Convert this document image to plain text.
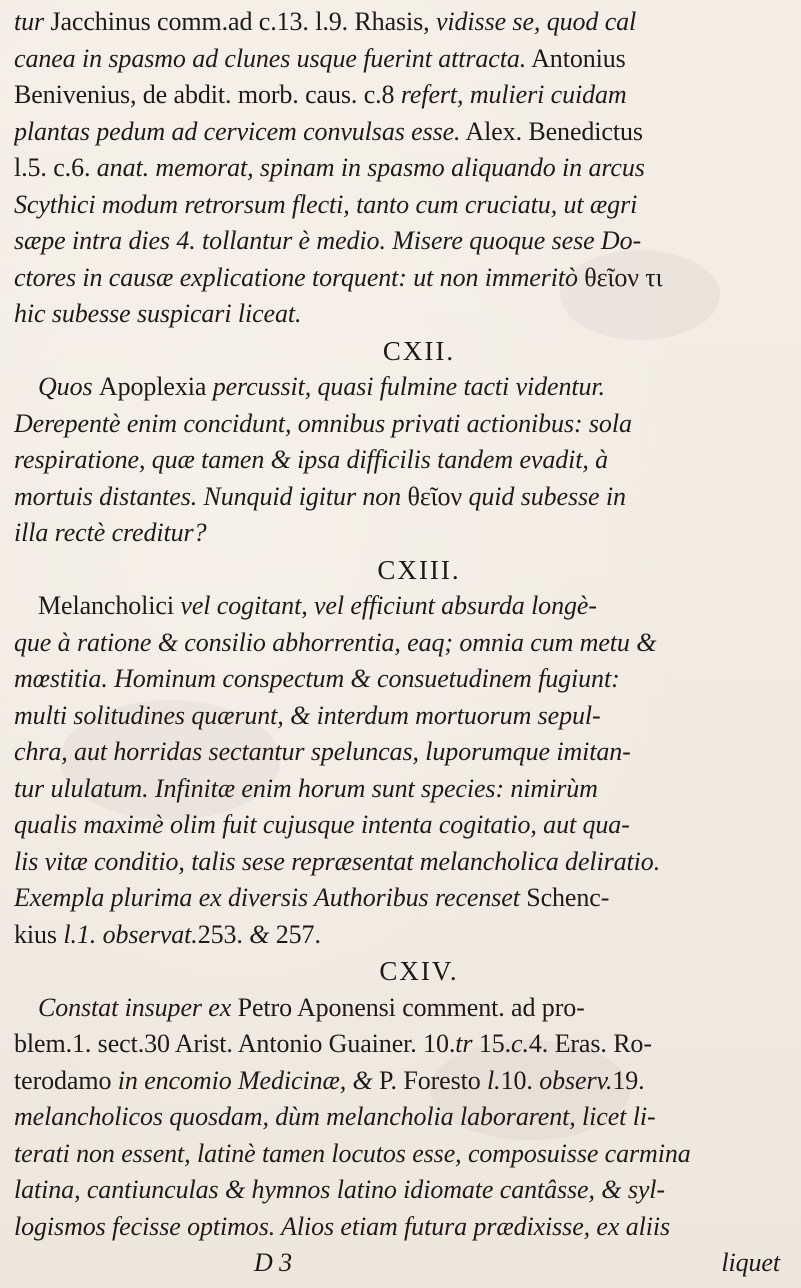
tur Jacchinus comm.ad c.13. l.9. Rhasis, vidisse se, quod cal
canea in spasmo ad clunes usque fuerint attracta. Antonius
Benivenius, de abdit. morb. caus. c.8 refert, mulieri cuidam
plantas pedum ad cervicem convulsas esse. Alex. Benedictus
l.5. c.6. anat. memorat, spinam in spasmo aliquando in arcus
Scythici modum retrorsum flecti, tanto cum cruciatu, ut ægri
sæpe intra dies 4. tollantur è medio. Misere quoque sese Do-
ctores in causæ explicatione torquent: ut non immeritò θεῖον τι
hic subesse suspicari liceat.
CXII.
Quos Apoplexia percussit, quasi fulmine tacti videntur.
Derepentè enim concidunt, omnibus privati actionibus: sola
respiratione, quæ tamen & ipsa difficilis tandem evadit, à
mortuis distantes. Nunquid igitur non θεῖον quid subesse in
illa rectè creditur?
CXIII.
Melancholici vel cogitant, vel efficiunt absurda longè-
que à ratione & consilio abhorrentia, eaq; omnia cum metu &
mœstitia. Hominum conspectum & consuetudinem fugiunt:
multi solitudines quærunt, & interdum mortuorum sepul-
chra, aut horridas sectantur speluncas, luporumque imitan-
tur ululatum. Infinitæ enim horum sunt species: nimirùm
qualis maximè olim fuit cujusque intenta cogitatio, aut qua-
lis vitæ conditio, talis sese repræsentat melancholica deliratio.
Exempla plurima ex diversis Authoribus recenset Schenc-
kius l.1. observat.253. & 257.
CXIV.
Constat insuper ex Petro Aponensi comment. ad pro-
blem.1. sect.30 Arist. Antonio Guainer. 10.tr 15.c.4. Eras. Ro-
terodamo in encomio Medicinæ, & P. Foresto l.10. observ.19.
melancholicos quosdam, dùm melancholia laborarent, licet li-
terati non essent, latinè tamen locutos esse, composuisse carmina
latina, cantiunculas & hymnos latino idiomate cantâsse, & syl-
logismos fecisse optimos. Alios etiam futura prædixisse, ex aliis
D 3	liquet
